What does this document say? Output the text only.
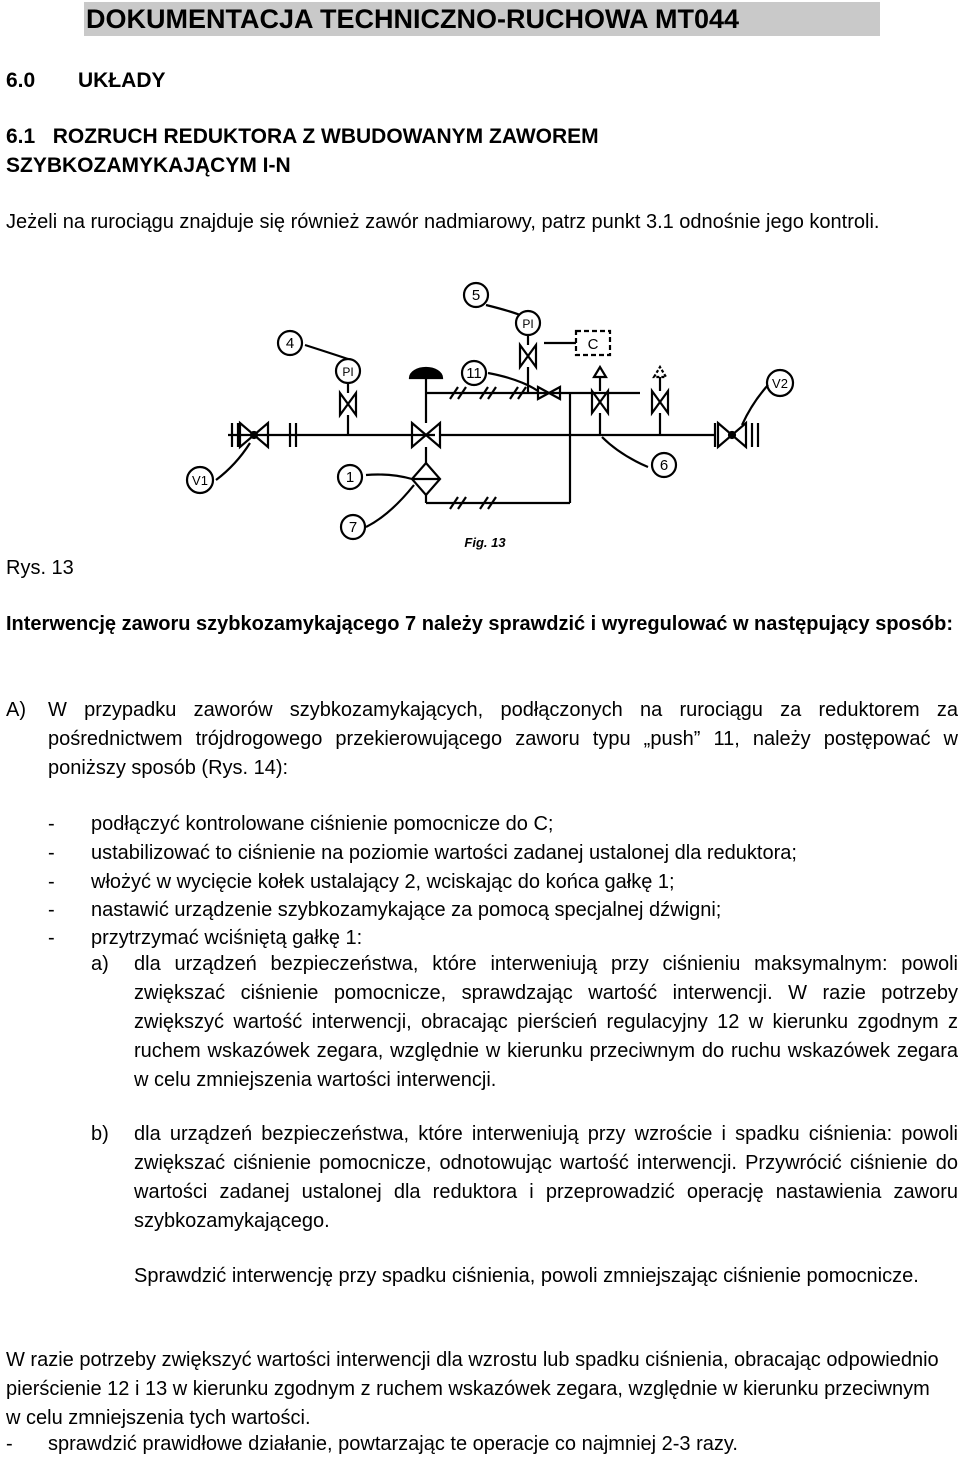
DOKUMENTACJA TECHNICZNO-RUCHOWA MT044
6.0 UKŁADY
6.1   ROZRUCH REDUKTORA Z WBUDOWANYM ZAWOREM
SZYBKOZAMYKAJĄCYM I-N

Jeżeli na rurociągu znajduje się również zawór nadmiarowy, patrz punkt 3.1 odnośnie jego kontroli.

5
4
11
1
7
6
V1
V2
PI
PI
C
Fig. 13
Rys. 13

Interwencję zaworu szybkozamykającego 7 należy sprawdzić i wyregulować w następujący sposób:

A) W przypadku zaworów szybkozamykających, podłączonych na rurociągu za reduktorem za pośrednictwem trójdrogowego przekierowującego zaworu typu „push” 11, należy postępować w poniższy sposób (Rys. 14):

- podłączyć kontrolowane ciśnienie pomocnicze do C;
- ustabilizować to ciśnienie na poziomie wartości zadanej ustalonej dla reduktora;
- włożyć w wycięcie kołek ustalający 2, wciskając do końca gałkę 1;
- nastawić urządzenie szybkozamykające za pomocą specjalnej dźwigni;
- przytrzymać wciśniętą gałkę 1:
a) dla urządzeń bezpieczeństwa, które interweniują przy ciśnieniu maksymalnym: powoli zwiększać ciśnienie pomocnicze, sprawdzając wartość interwencji. W razie potrzeby zwiększyć wartość interwencji, obracając pierścień regulacyjny 12 w kierunku zgodnym z ruchem wskazówek zegara, względnie w kierunku przeciwnym do ruchu wskazówek zegara w celu zmniejszenia wartości interwencji.

b) dla urządzeń bezpieczeństwa, które interweniują przy wzroście i spadku ciśnienia: powoli zwiększać ciśnienie pomocnicze, odnotowując wartość interwencji. Przywrócić ciśnienie do wartości zadanej ustalonej dla reduktora i przeprowadzić operację nastawienia zaworu szybkozamykającego.

Sprawdzić interwencję przy spadku ciśnienia, powoli zmniejszając ciśnienie pomocnicze.

W razie potrzeby zwiększyć wartości interwencji dla wzrostu lub spadku ciśnienia, obracając odpowiednio pierścienie 12 i 13 w kierunku zgodnym z ruchem wskazówek zegara, względnie w kierunku przeciwnym w celu zmniejszenia tych wartości.

- sprawdzić prawidłowe działanie, powtarzając te operacje co najmniej 2-3 razy.
